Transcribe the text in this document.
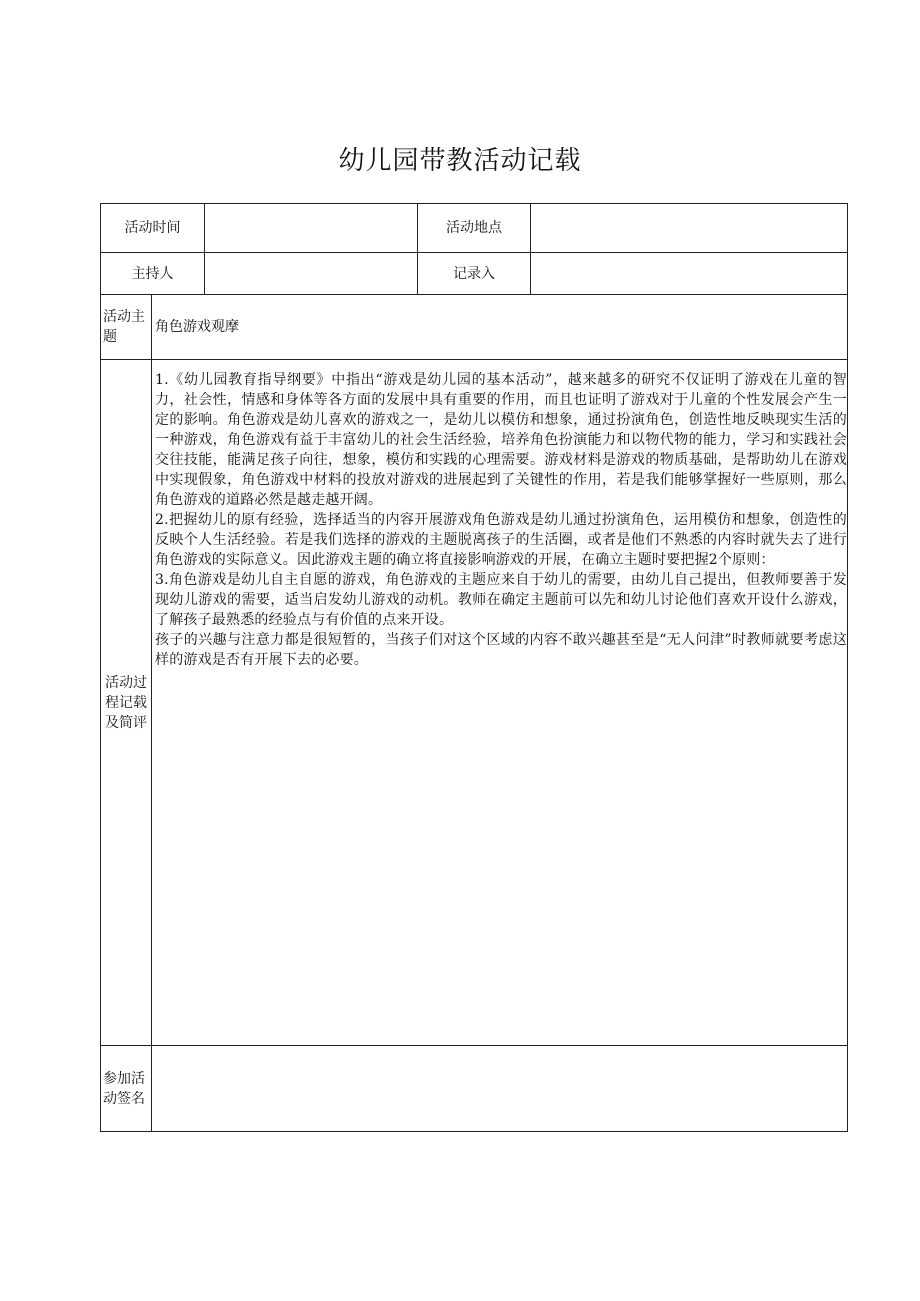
幼儿园带教活动记载
活动时间			活动地点	
主持人			记录入	
活动主题	角色游戏观摩			
活动过程记载及简评	1.《幼儿园教育指导纲要》中指出“游戏是幼儿园的基本活动”，越来越多的研究不仅证明了游戏在儿童的智力，社会性，情感和身体等各方面的发展中具有重要的作用，而且也证明了游戏对于儿童的个性发展会产生一定的影响。角色游戏是幼儿喜欢的游戏之一，是幼儿以模仿和想象，通过扮演角色，创造性地反映现实生活的一种游戏，角色游戏有益于丰富幼儿的社会生活经验，培养角色扮演能力和以物代物的能力，学习和实践社会交往技能，能满足孩子向往，想象，模仿和实践的心理需要。游戏材料是游戏的物质基础，是帮助幼儿在游戏中实现假象，角色游戏中材料的投放对游戏的进展起到了关键性的作用，若是我们能够掌握好一些原则，那么角色游戏的道路必然是越走越开阔。

2.把握幼儿的原有经验，选择适当的内容开展游戏角色游戏是幼儿通过扮演角色，运用模仿和想象，创造性的反映个人生活经验。若是我们选择的游戏的主题脱离孩子的生活圈，或者是他们不熟悉的内容时就失去了进行角色游戏的实际意义。因此游戏主题的确立将直接影响游戏的开展，在确立主题时要把握2个原则：

3.角色游戏是幼儿自主自愿的游戏，角色游戏的主题应来自于幼儿的需要，由幼儿自己提出，但教师要善于发现幼儿游戏的需要，适当启发幼儿游戏的动机。教师在确定主题前可以先和幼儿讨论他们喜欢开设什么游戏，了解孩子最熟悉的经验点与有价值的点来开设。

孩子的兴趣与注意力都是很短暂的，当孩子们对这个区域的内容不敢兴趣甚至是“无人问津”时教师就要考虑这样的游戏是否有开展下去的必要。			

参加活动签名				
